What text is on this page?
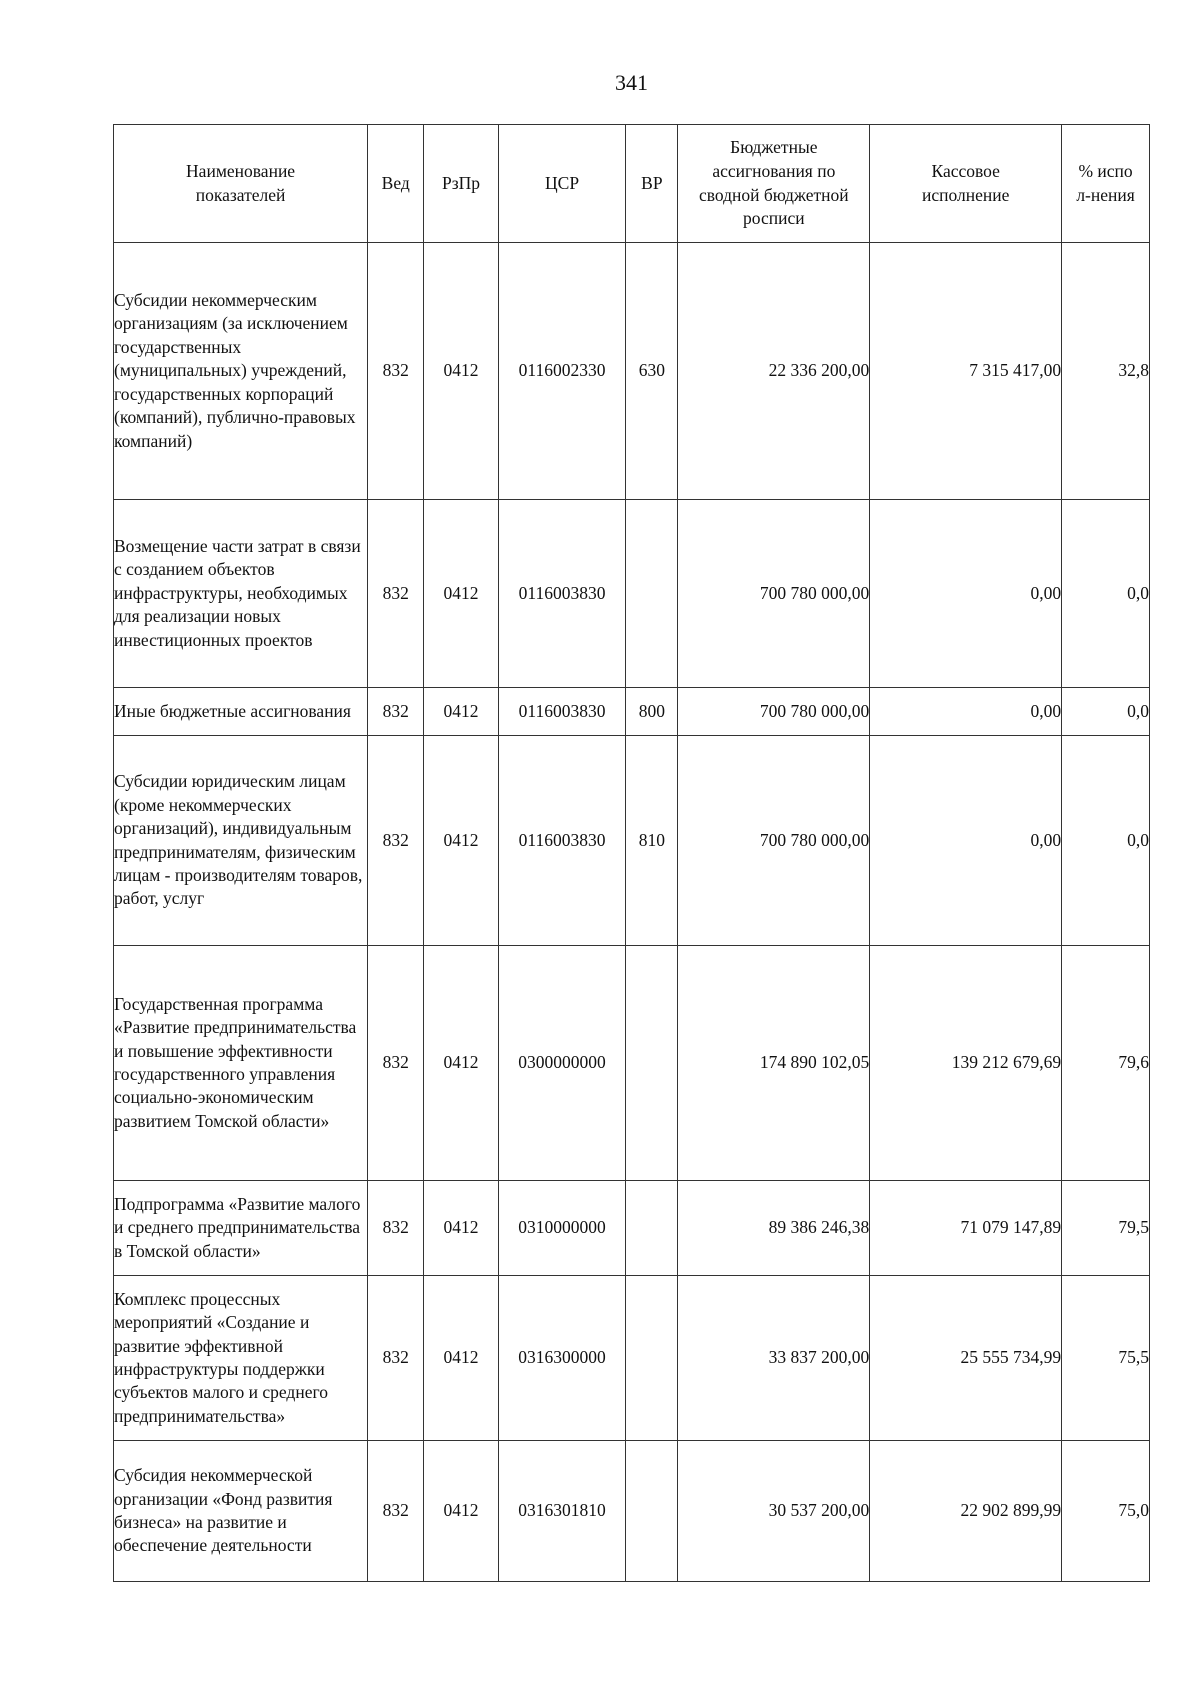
341
Наименование показателей	Вед	РзПр	ЦСР	ВР	Бюджетные ассигнования по сводной бюджетной росписи	Кассовое исполнение	% испол-нения

Субсидии некоммерческим организациям (за исключением государственных (муниципальных) учреждений, государственных корпораций (компаний), публично-правовых компаний)	832	0412	0116002330	630	22 336 200,00	7 315 417,00	32,8
Возмещение части затрат в связи с созданием объектов инфраструктуры, необходимых для реализации новых инвестиционных проектов	832	0412	0116003830		700 780 000,00	0,00	0,0
Иные бюджетные ассигнования	832	0412	0116003830	800	700 780 000,00	0,00	0,0
Субсидии юридическим лицам (кроме некоммерческих организаций), индивидуальным предпринимателям, физическим лицам - производителям товаров, работ, услуг	832	0412	0116003830	810	700 780 000,00	0,00	0,0
Государственная программа «Развитие предпринимательства и повышение эффективности государственного управления социально-экономическим развитием Томской области»	832	0412	0300000000		174 890 102,05	139 212 679,69	79,6
Подпрограмма «Развитие малого и среднего предпринимательства в Томской области»	832	0412	0310000000		89 386 246,38	71 079 147,89	79,5
Комплекс процессных мероприятий «Создание и развитие эффективной инфраструктуры поддержки субъектов малого и среднего предпринимательства»	832	0412	0316300000		33 837 200,00	25 555 734,99	75,5
Субсидия некоммерческой организации «Фонд развития бизнеса» на развитие и обеспечение деятельности	832	0412	0316301810		30 537 200,00	22 902 899,99	75,0
